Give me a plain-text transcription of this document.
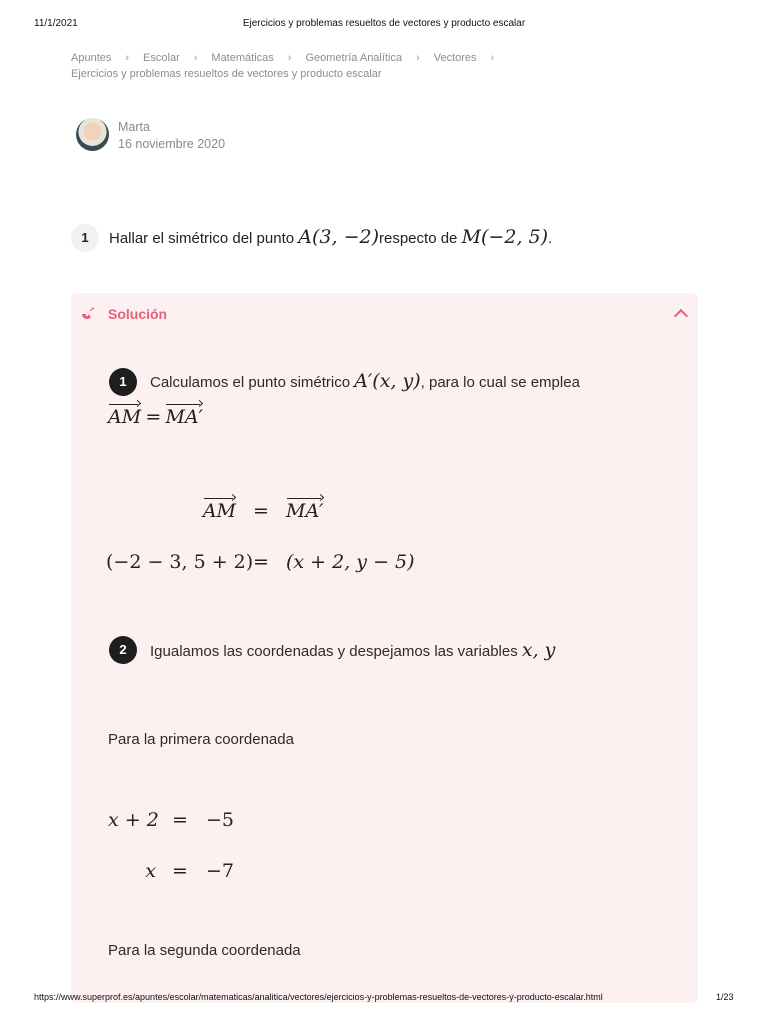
11/1/2021	Ejercicios y problemas resueltos de vectores y producto escalar
Apuntes › Escolar › Matemáticas › Geometría Analítica › Vectores ›
Ejercicios y problemas resueltos de vectores y producto escalar
Marta
16 noviembre 2020
1	Hallar el simétrico del punto A(3, −2)respecto de M(−2, 5).
Solución
1	Calculamos el punto simétrico A′(x, y), para lo cual se emplea
AM = MA′
AM = MA′
(−2 − 3, 5 + 2) = (x + 2, y − 5)
2	Igualamos las coordenadas y despejamos las variables x, y
Para la primera coordenada
x + 2 = −5
x = −7
Para la segunda coordenada
https://www.superprof.es/apuntes/escolar/matematicas/analitica/vectores/ejercicios-y-problemas-resueltos-de-vectores-y-producto-escalar.html	1/23
